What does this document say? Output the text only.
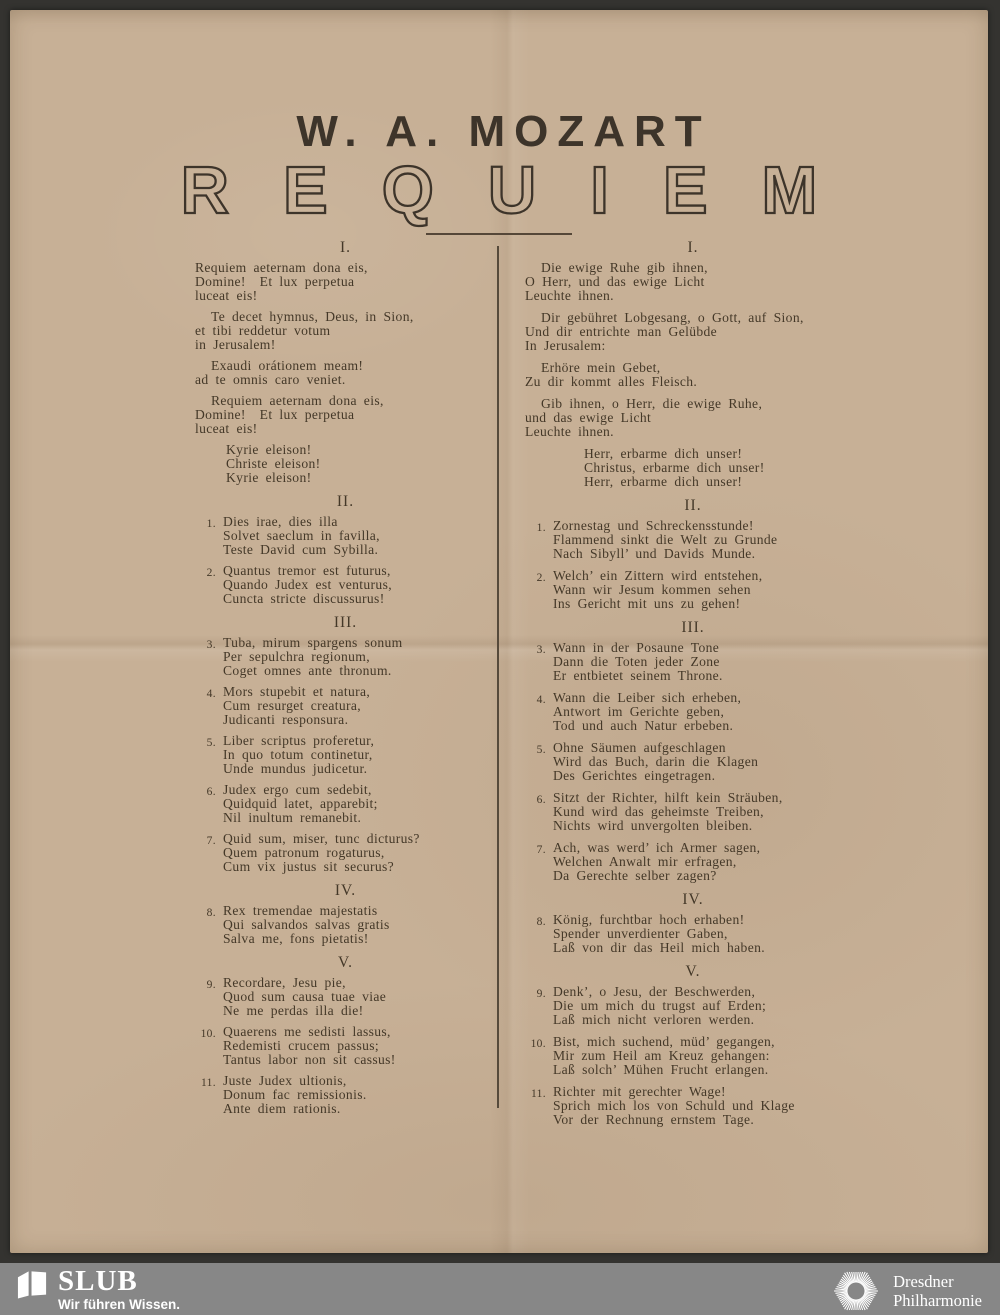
W. A. MOZART
REQUIEM
I.
Requiem aeternam dona eis,
Domine!  Et lux perpetua
luceat eis!
Te decet hymnus, Deus, in Sion,
et tibi reddetur votum
in Jerusalem!
Exaudi orátionem meam!
ad te omnis caro veniet.
Requiem aeternam dona eis,
Domine!  Et lux perpetua
luceat eis!
Kyrie eleison!
Christe eleison!
Kyrie eleison!
II.
1. Dies irae, dies illa
Solvet saeclum in favilla,
Teste David cum Sybilla.
2. Quantus tremor est futurus,
Quando Judex est venturus,
Cuncta stricte discussurus!
III.
3. Tuba, mirum spargens sonum
Per sepulchra regionum,
Coget omnes ante thronum.
4. Mors stupebit et natura,
Cum resurget creatura,
Judicanti responsura.
5. Liber scriptus proferetur,
In quo totum continetur,
Unde mundus judicetur.
6. Judex ergo cum sedebit,
Quidquid latet, apparebit;
Nil inultum remanebit.
7. Quid sum, miser, tunc dicturus?
Quem patronum rogaturus,
Cum vix justus sit securus?
IV.
8. Rex tremendae majestatis
Qui salvandos salvas gratis
Salva me, fons pietatis!
V.
9. Recordare, Jesu pie,
Quod sum causa tuae viae
Ne me perdas illa die!
10. Quaerens me sedisti lassus,
Redemisti crucem passus;
Tantus labor non sit cassus!
11. Juste Judex ultionis,
Donum fac remissionis.
Ante diem rationis.
I.
Die ewige Ruhe gib ihnen,
O Herr, und das ewige Licht
Leuchte ihnen.
Dir gebühret Lobgesang, o Gott, auf Sion,
Und dir entrichte man Gelübde
In Jerusalem:
Erhöre mein Gebet,
Zu dir kommt alles Fleisch.
Gib ihnen, o Herr, die ewige Ruhe,
und das ewige Licht
Leuchte ihnen.
Herr, erbarme dich unser!
Christus, erbarme dich unser!
Herr, erbarme dich unser!
II.
1. Zornestag und Schreckensstunde!
Flammend sinkt die Welt zu Grunde
Nach Sibyll’ und Davids Munde.
2. Welch’ ein Zittern wird entstehen,
Wann wir Jesum kommen sehen
Ins Gericht mit uns zu gehen!
III.
3. Wann in der Posaune Tone
Dann die Toten jeder Zone
Er entbietet seinem Throne.
4. Wann die Leiber sich erheben,
Antwort im Gerichte geben,
Tod und auch Natur erbeben.
5. Ohne Säumen aufgeschlagen
Wird das Buch, darin die Klagen
Des Gerichtes eingetragen.
6. Sitzt der Richter, hilft kein Sträuben,
Kund wird das geheimste Treiben,
Nichts wird unvergolten bleiben.
7. Ach, was werd’ ich Armer sagen,
Welchen Anwalt mir erfragen,
Da Gerechte selber zagen?
IV.
8. König, furchtbar hoch erhaben!
Spender unverdienter Gaben,
Laß von dir das Heil mich haben.
V.
9. Denk’, o Jesu, der Beschwerden,
Die um mich du trugst auf Erden;
Laß mich nicht verloren werden.
10. Bist, mich suchend, müd’ gegangen,
Mir zum Heil am Kreuz gehangen:
Laß solch’ Mühen Frucht erlangen.
11. Richter mit gerechter Wage!
Sprich mich los von Schuld und Klage
Vor der Rechnung ernstem Tage.
SLUB
Wir führen Wissen.
Dresdner
Philharmonie
